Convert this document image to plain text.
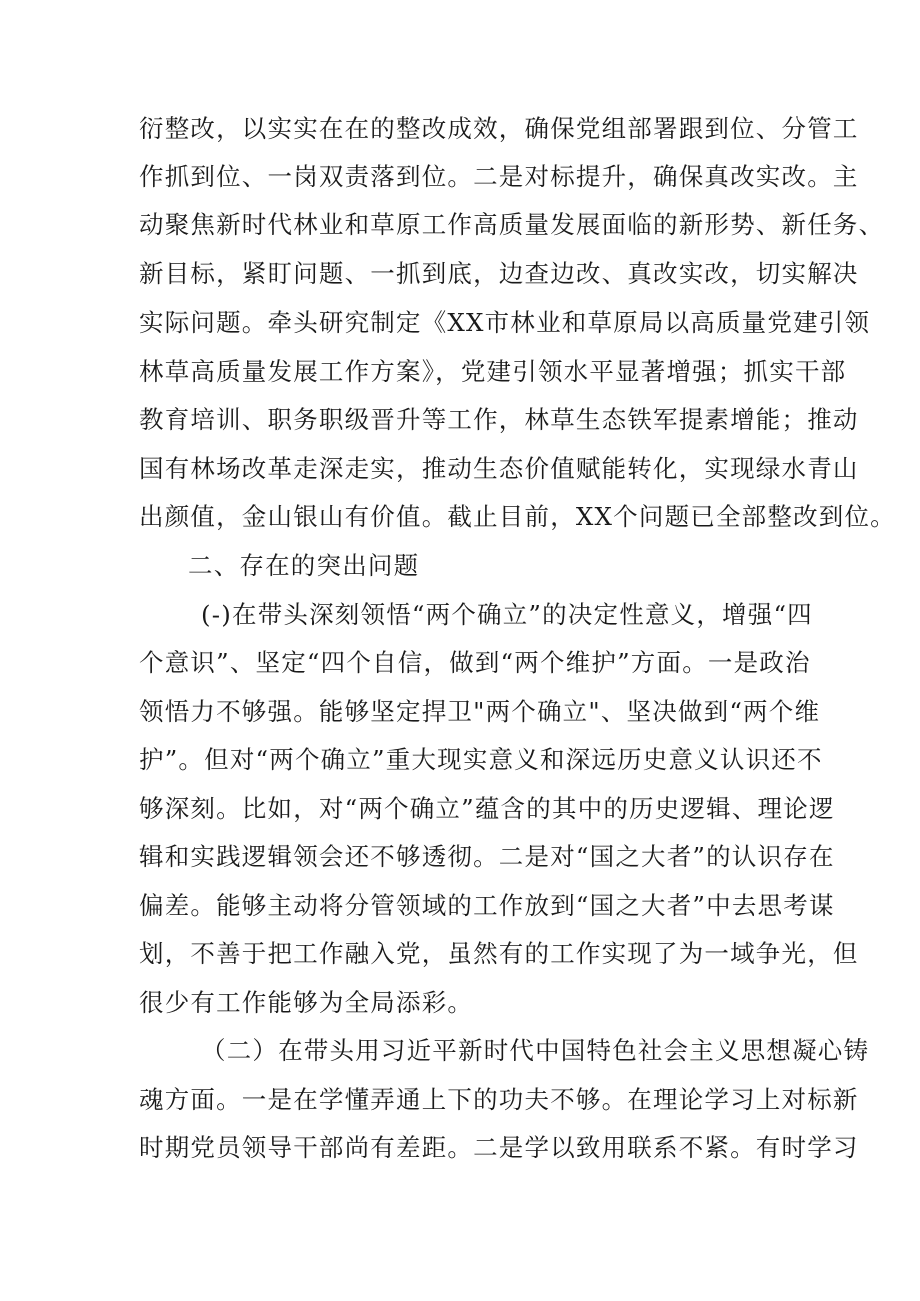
衍整改，以实实在在的整改成效，确保党组部署跟到位、分管工
作抓到位、一岗双责落到位。二是对标提升，确保真改实改。主
动聚焦新时代林业和草原工作高质量发展面临的新形势、新任务、
新目标，紧盯问题、一抓到底，边查边改、真改实改，切实解决
实际问题。牵头研究制定《XX市林业和草原局以高质量党建引领
林草高质量发展工作方案》，党建引领水平显著增强；抓实干部
教育培训、职务职级晋升等工作，林草生态铁军提素增能；推动
国有林场改革走深走实，推动生态价值赋能转化，实现绿水青山
出颜值，金山银山有价值。截止目前，XX个问题已全部整改到位。
二、存在的突出问题
(-)在带头深刻领悟“两个确立”的决定性意义，增强“四
个意识”、坚定“四个自信，做到“两个维护”方面。一是政治
领悟力不够强。能够坚定捍卫"两个确立"、坚决做到“两个维
护”。但对“两个确立”重大现实意义和深远历史意义认识还不
够深刻。比如，对“两个确立”蕴含的其中的历史逻辑、理论逻
辑和实践逻辑领会还不够透彻。二是对“国之大者”的认识存在
偏差。能够主动将分管领域的工作放到“国之大者”中去思考谋
划，不善于把工作融入党，虽然有的工作实现了为一域争光，但
很少有工作能够为全局添彩。
（二）在带头用习近平新时代中国特色社会主义思想凝心铸
魂方面。一是在学懂弄通上下的功夫不够。在理论学习上对标新
时期党员领导干部尚有差距。二是学以致用联系不紧。有时学习
